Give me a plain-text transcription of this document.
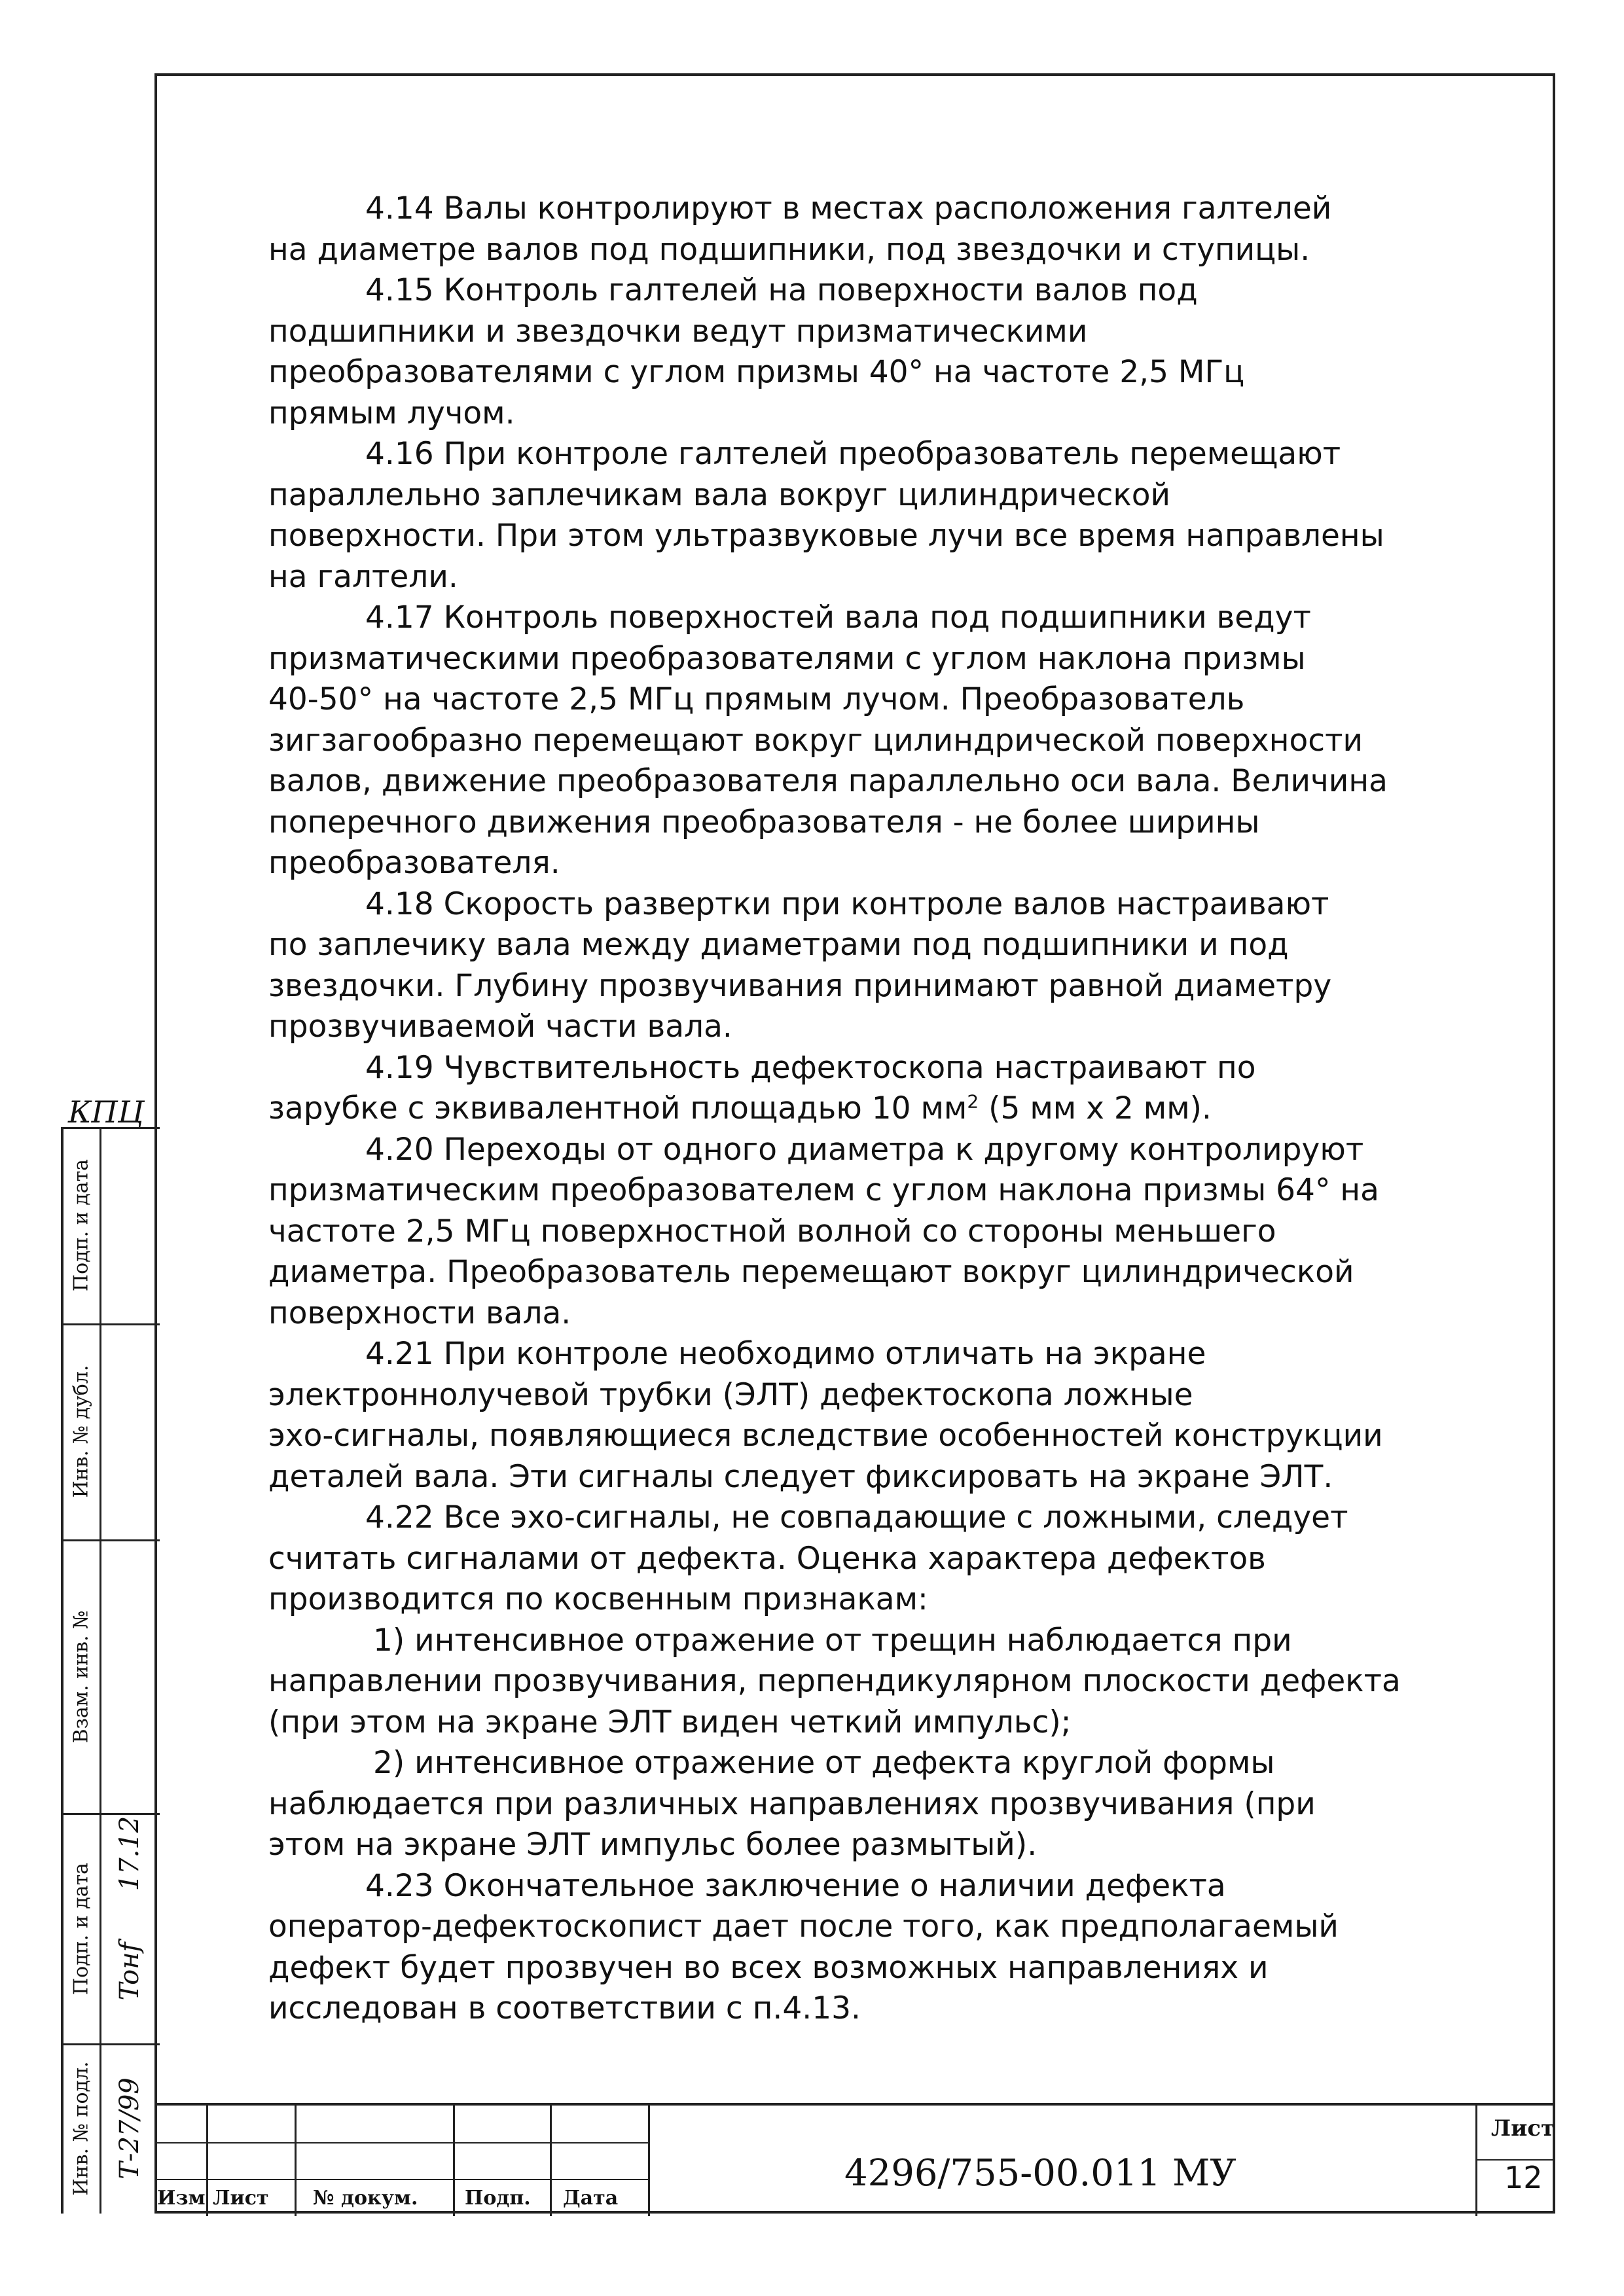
4.14 Валы контролируют в местах расположения галтелей

на диаметре валов под подшипники, под звездочки и ступицы.

4.15 Контроль галтелей на поверхности валов под

подшипники и звездочки ведут призматическими

преобразователями с углом призмы 40° на частоте 2,5 МГц

прямым лучом.

4.16 При контроле галтелей преобразователь перемещают

параллельно заплечикам вала вокруг цилиндрической

поверхности. При этом ультразвуковые лучи все время направлены

на галтели.

4.17 Контроль поверхностей вала под подшипники ведут

призматическими преобразователями с углом наклона призмы

40-50° на частоте 2,5 МГц прямым лучом. Преобразователь

зигзагообразно перемещают вокруг цилиндрической поверхности

валов, движение преобразователя параллельно оси вала. Величина

поперечного движения преобразователя - не более ширины

преобразователя.

4.18 Скорость развертки при контроле валов настраивают

по заплечику вала между диаметрами под подшипники и под

звездочки. Глубину прозвучивания принимают равной диаметру

прозвучиваемой части вала.

4.19 Чувствительность дефектоскопа настраивают по

зарубке с эквивалентной площадью 10 $мм^2$ (5 мм х 2 мм).

4.20 Переходы от одного диаметра к другому контролируют

призматическим преобразователем с углом наклона призмы 64° на

частоте 2,5 МГц поверхностной волной со стороны меньшего

диаметра. Преобразователь перемещают вокруг цилиндрической

поверхности вала.

4.21 При контроле необходимо отличать на экране

электроннолучевой трубки (ЭЛТ) дефектоскопа ложные

эхо-сигналы, появляющиеся вследствие особенностей конструкции

деталей вала. Эти сигналы следует фиксировать на экране ЭЛТ.

4.22 Все эхо-сигналы, не совпадающие с ложными, следует

считать сигналами от дефекта. Оценка характера дефектов

производится по косвенным признакам:

1) интенсивное отражение от трещин наблюдается при

направлении прозвучивания, перпендикулярном плоскости дефекта

(при этом на экране ЭЛТ виден четкий импульс);

2) интенсивное отражение от дефекта круглой формы

наблюдается при различных направлениях прозвучивания (при

этом на экране ЭЛТ импульс более размытый).

4.23 Окончательное заключение о наличии дефекта

оператор-дефектоскопист дает после того, как предполагаемый

дефект будет прозвучен во всех возможных направлениях и

исследован в соответствии с п.4.13.

КПЦ
Подп. и дата
Инв. № дубл.
Взам. инв. №
Подп. и дата
Инв. № подл.
17.12
Toнf
Т-27/99
Изм Лист № докум. Подп. Дата
4296/755-00.011 МУ
Лист
12
